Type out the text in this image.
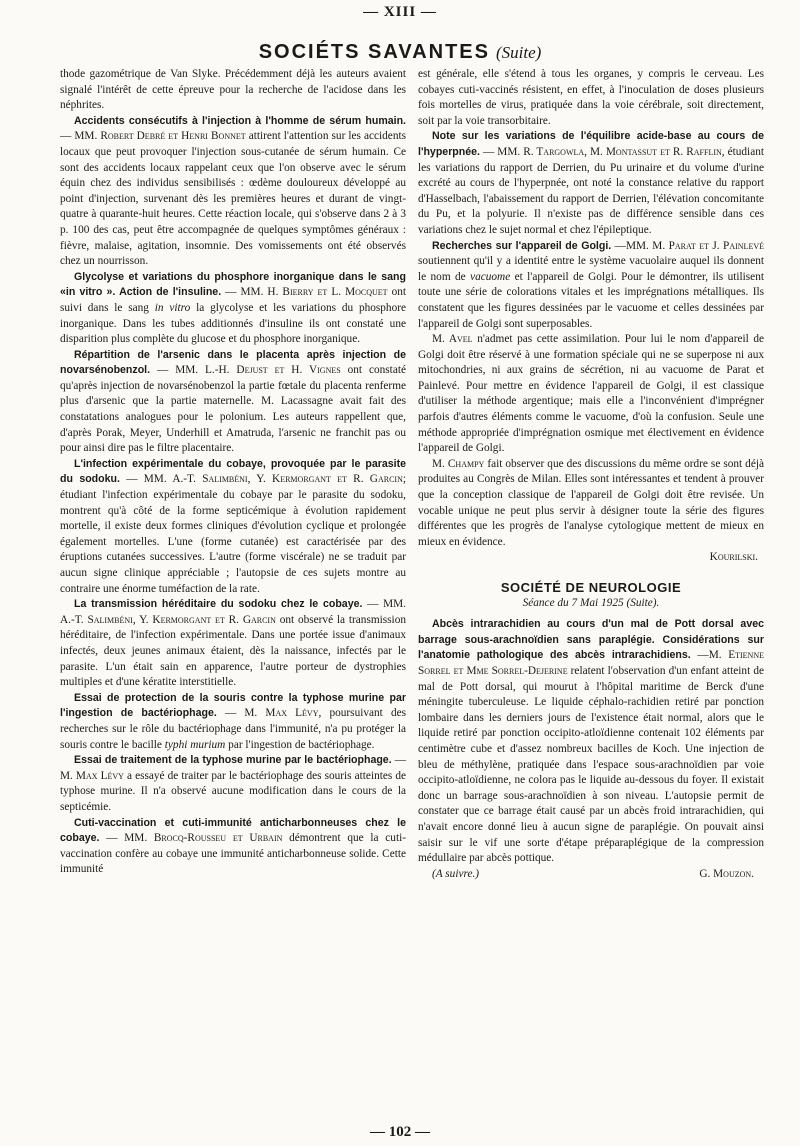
— XIII —
SOCIÉTS SAVANTES (Suite)

thode gazométrique de Van Slyke. Précédemment déjà les auteurs avaient signalé l'intérêt de cette épreuve pour la recherche de l'acidose dans les néphrites.

Accidents consécutifs à l'injection à l'homme de sérum humain. — MM. Robert Debré et Henri Bonnet attirent l'attention sur les accidents locaux que peut provoquer l'injection sous-cutanée de sérum humain. Ce sont des accidents locaux rappelant ceux que l'on observe avec le sérum équin chez des individus sensibilisés : œdème douloureux développé au point d'injection, survenant dès les premières heures et durant de vingt-quatre à quarante-huit heures. Cette réaction locale, qui s'observe dans 2 à 3 p. 100 des cas, peut être accompagnée de quelques symptômes généraux : fièvre, malaise, agitation, insomnie. Des vomissements ont été observés chez un nourrisson.

Glycolyse et variations du phosphore inorganique dans le sang «in vitro ». Action de l'insuline. — MM. H. Bierry et L. Mocquet ont suivi dans le sang in vitro la glycolyse et les variations du phosphore inorganique. Dans les tubes additionnés d'insuline ils ont constaté une disparition plus complète du glucose et du phosphore inorganique.

Répartition de l'arsenic dans le placenta après injection de novarsénobenzol. — MM. L.-H. Dejust et H. Vignes ont constaté qu'après injection de novarsénobenzol la partie fœtale du placenta renferme plus d'arsenic que la partie maternelle. M. Lacassagne avait fait des constatations analogues pour le polonium. Les auteurs rappellent que, d'après Porak, Meyer, Underhill et Amatruda, l'arsenic ne franchit pas ou pour ainsi dire pas le filtre placentaire.

L'infection expérimentale du cobaye, provoquée par le parasite du sodoku. — MM. A.-T. Salimbéni, Y. Kermorgant et R. Garcin; étudiant l'infection expérimentale du cobaye par le parasite du sodoku, montrent qu'à côté de la forme septicémique à évolution rapidement mortelle, il existe deux formes cliniques d'évolution cyclique et prolongée également mortelles. L'une (forme cutanée) est caractérisée par des éruptions cutanées successives. L'autre (forme viscérale) ne se traduit par aucun signe clinique appréciable ; l'autopsie de ces sujets montre au contraire une énorme tuméfaction de la rate.

La transmission héréditaire du sodoku chez le cobaye. — MM. A.-T. Salimbéni, Y. Kermorgant et R. Garcin ont observé la transmission héréditaire, de l'infection expérimentale. Dans une portée issue d'animaux infectés, deux jeunes animaux étaient, dès la naissance, infectés par le parasite. L'un était sain en apparence, l'autre porteur de dystrophies multiples et d'une kératite interstitielle.

Essai de protection de la souris contre la typhose murine par l'ingestion de bactériophage. — M. Max Lévy, poursuivant des recherches sur le rôle du bactériophage dans l'immunité, n'a pu protéger la souris contre le bacille typhi murium par l'ingestion de bactériophage.

Essai de traitement de la typhose murine par le bactériophage. — M. Max Lévy a essayé de traiter par le bactériophage des souris atteintes de typhose murine. Il n'a observé aucune modification dans le cours de la septicémie.

Cuti-vaccination et cuti-immunité anticharbonneuses chez le cobaye. — MM. Brocq-Rousseu et Urbain démontrent que la cuti-vaccination confère au cobaye une immunité anticharbonneuse solide. Cette immunité

est générale, elle s'étend à tous les organes, y compris le cerveau. Les cobayes cuti-vaccinés résistent, en effet, à l'inoculation de doses plusieurs fois mortelles de virus, pratiquée dans la voie cérébrale, soit directement, soit par la voie transorbitaire.

Note sur les variations de l'équilibre acide-base au cours de l'hyperpnée. — MM. R. Targowla, M. Montassut et R. Rafflin, étudiant les variations du rapport de Derrien, du Pu urinaire et du volume d'urine excrété au cours de l'hyperpnée, ont noté la constance relative du rapport d'Hasselbach, l'abaissement du rapport de Derrien, l'élévation concomitante du Pu, et la polyurie. Il n'existe pas de différence sensible dans ces variations chez le sujet normal et chez l'épileptique.

Recherches sur l'appareil de Golgi. —MM. M. Parat et J. Painlevé soutiennent qu'il y a identité entre le système vacuolaire auquel ils donnent le nom de vacuome et l'appareil de Golgi. Pour le démontrer, ils utilisent toute une série de colorations vitales et les imprégnations métalliques. Ils constatent que les figures dessinées par le vacuome et celles dessinées par l'appareil de Golgi sont superposables.

M. Avel n'admet pas cette assimilation. Pour lui le nom d'appareil de Golgi doit être réservé à une formation spéciale qui ne se superpose ni aux mitochondries, ni aux grains de sécrétion, ni au vacuome de Parat et Painlevé. Pour mettre en évidence l'appareil de Golgi, il est classique d'utiliser la méthode argentique; mais elle a l'inconvénient d'imprégner parfois d'autres éléments comme le vacuome, d'où la confusion. Seule une méthode appropriée d'imprégnation osmique met électivement en évidence l'appareil de Golgi.

M. Champy fait observer que des discussions du même ordre se sont déjà produites au Congrès de Milan. Elles sont intéressantes et tendent à prouver que la conception classique de l'appareil de Golgi doit être revisée. Un vocable unique ne peut plus servir à désigner toute la série des figures différentes que les progrès de l'analyse cytologique mettent de mieux en mieux en évidence.

Kourilski.

SOCIÉTÉ DE NEUROLOGIE

Séance du 7 Mai 1925 (Suite).

Abcès intrarachidien au cours d'un mal de Pott dorsal avec barrage sous-arachnoïdien sans paraplégie. Considérations sur l'anatomie pathologique des abcès intrarachidiens. —M. Etienne Sorrel et Mme Sorrel-Dejerine relatent l'observation d'un enfant atteint de mal de Pott dorsal, qui mourut à l'hôpital maritime de Berck d'une méningite tuberculeuse. Le liquide céphalo-rachidien retiré par ponction lombaire dans les derniers jours de l'existence était normal, alors que le liquide retiré par ponction occipito-atloïdienne contenait 102 éléments par centimètre cube et d'assez nombreux bacilles de Koch. Une injection de bleu de méthylène, pratiquée dans l'espace sous-arachnoïdien par voie occipito-atloïdienne, ne colora pas le liquide au-dessous du foyer. Il existait donc un barrage sous-arachnoïdien à son niveau. L'autopsie permit de constater que ce barrage était causé par un abcès froid intrarachidien, qui n'avait encore donné lieu à aucun signe de paraplégie. On pouvait ainsi saisir sur le vif une sorte d'étape préparaplégique de la compression médullaire par abcès pottique.

(A suivre.)	G. Mouzon.

— 102 —
